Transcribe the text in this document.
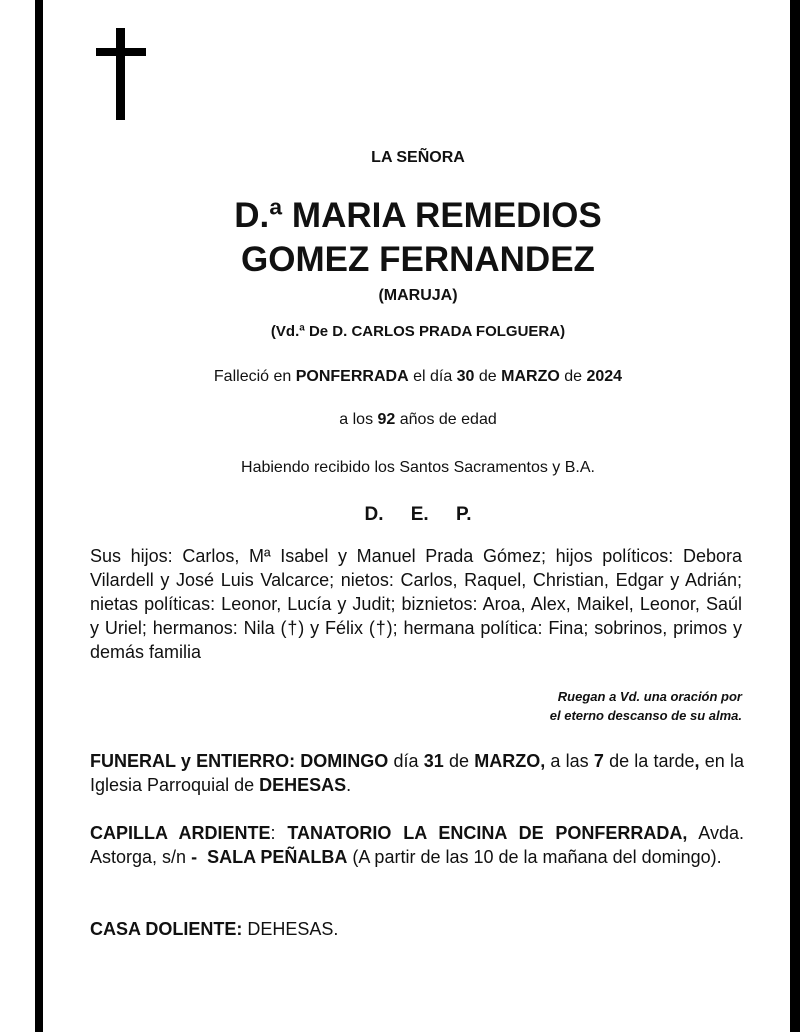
LA SEÑORA
D.ª MARIA REMEDIOS
GOMEZ FERNANDEZ
(MARUJA)
(Vd.ª De D. CARLOS PRADA FOLGUERA)
Falleció en PONFERRADA el día 30 de MARZO de 2024
a los 92 años de edad
Habiendo recibido los Santos Sacramentos y B.A.
D. E. P.
Sus hijos: Carlos, Mª Isabel y Manuel Prada Gómez; hijos políticos: Debora Vilardell y José Luis Valcarce; nietos: Carlos, Raquel, Christian, Edgar y Adrián; nietas políticas: Leonor, Lucía y Judit; biznietos: Aroa, Alex, Maikel, Leonor, Saúl y Uriel; hermanos: Nila (†) y Félix (†); hermana política: Fina; sobrinos, primos y demás familia
Ruegan a Vd. una oración por
el eterno descanso de su alma.
FUNERAL y ENTIERRO: DOMINGO día 31 de MARZO, a las 7 de la tarde, en la Iglesia Parroquial de DEHESAS.
CAPILLA ARDIENTE: TANATORIO LA ENCINA DE PONFERRADA, Avda. Astorga, s/n - SALA PEÑALBA (A partir de las 10 de la mañana del domingo).
CASA DOLIENTE: DEHESAS.
